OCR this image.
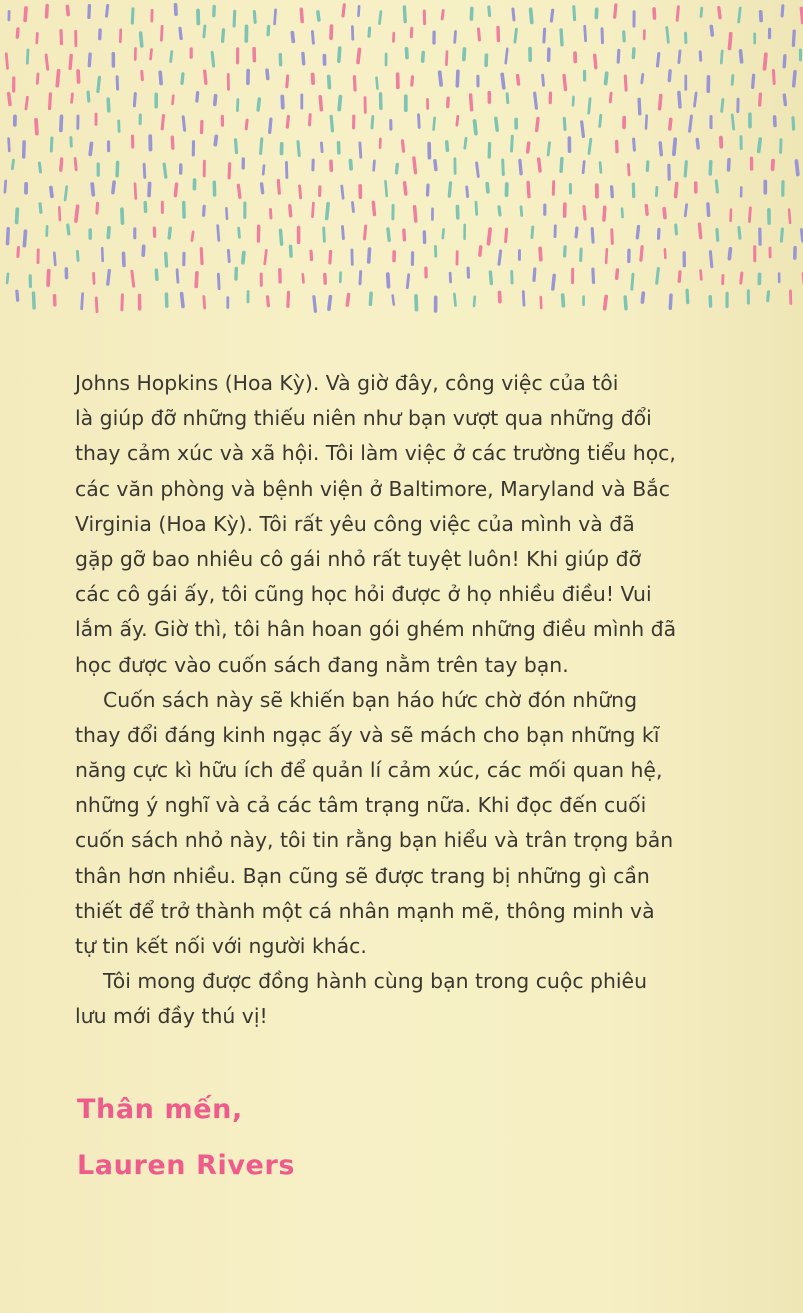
Johns Hopkins (Hoa Kỳ). Và giờ đây, công việc của tôi
là giúp đỡ những thiếu niên như bạn vượt qua những đổi
thay cảm xúc và xã hội. Tôi làm việc ở các trường tiểu học,
các văn phòng và bệnh viện ở Baltimore, Maryland và Bắc
Virginia (Hoa Kỳ). Tôi rất yêu công việc của mình và đã
gặp gỡ bao nhiêu cô gái nhỏ rất tuyệt luôn! Khi giúp đỡ
các cô gái ấy, tôi cũng học hỏi được ở họ nhiều điều! Vui
lắm ấy. Giờ thì, tôi hân hoan gói ghém những điều mình đã
học được vào cuốn sách đang nằm trên tay bạn.
Cuốn sách này sẽ khiến bạn háo hức chờ đón những
thay đổi đáng kinh ngạc ấy và sẽ mách cho bạn những kĩ
năng cực kì hữu ích để quản lí cảm xúc, các mối quan hệ,
những ý nghĩ và cả các tâm trạng nữa. Khi đọc đến cuối
cuốn sách nhỏ này, tôi tin rằng bạn hiểu và trân trọng bản
thân hơn nhiều. Bạn cũng sẽ được trang bị những gì cần
thiết để trở thành một cá nhân mạnh mẽ, thông minh và
tự tin kết nối với người khác.
Tôi mong được đồng hành cùng bạn trong cuộc phiêu
lưu mới đầy thú vị!
Thân mến,
Lauren Rivers
